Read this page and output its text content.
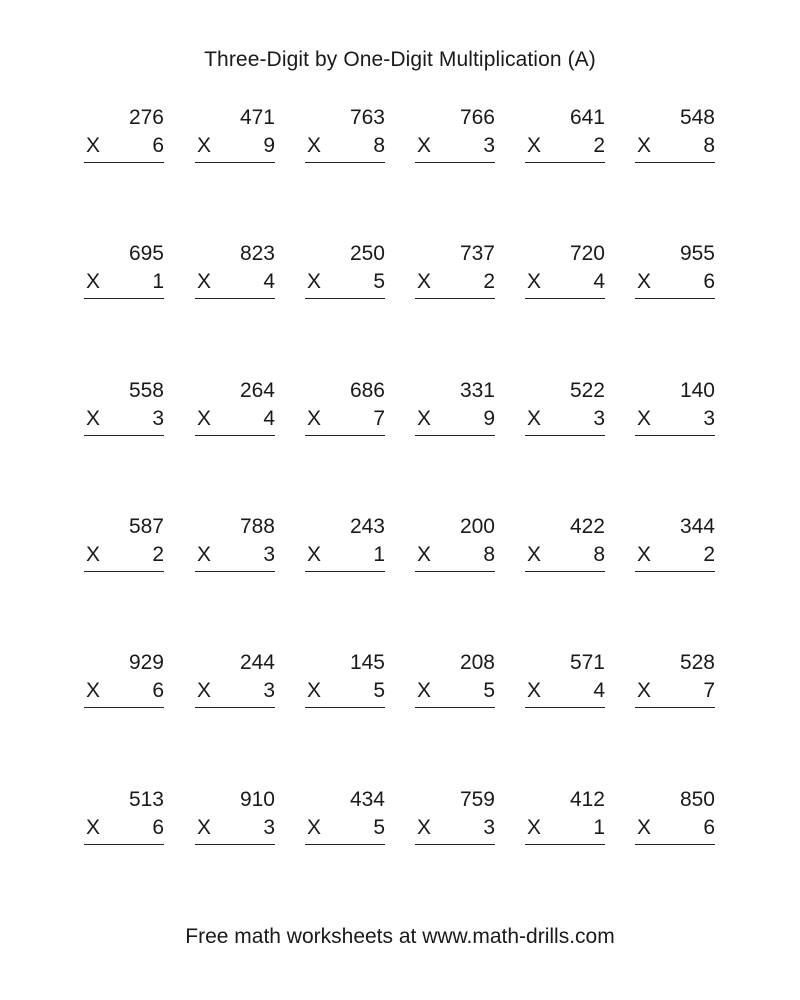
Three-Digit by One-Digit Multiplication (A)
276
X 6
471
X 9
763
X 8
766
X 3
641
X 2
548
X 8
695
X 1
823
X 4
250
X 5
737
X 2
720
X 4
955
X 6
558
X 3
264
X 4
686
X 7
331
X 9
522
X 3
140
X 3
587
X 2
788
X 3
243
X 1
200
X 8
422
X 8
344
X 2
929
X 6
244
X 3
145
X 5
208
X 5
571
X 4
528
X 7
513
X 6
910
X 3
434
X 5
759
X 3
412
X 1
850
X 6
Free math worksheets at www.math-drills.com
